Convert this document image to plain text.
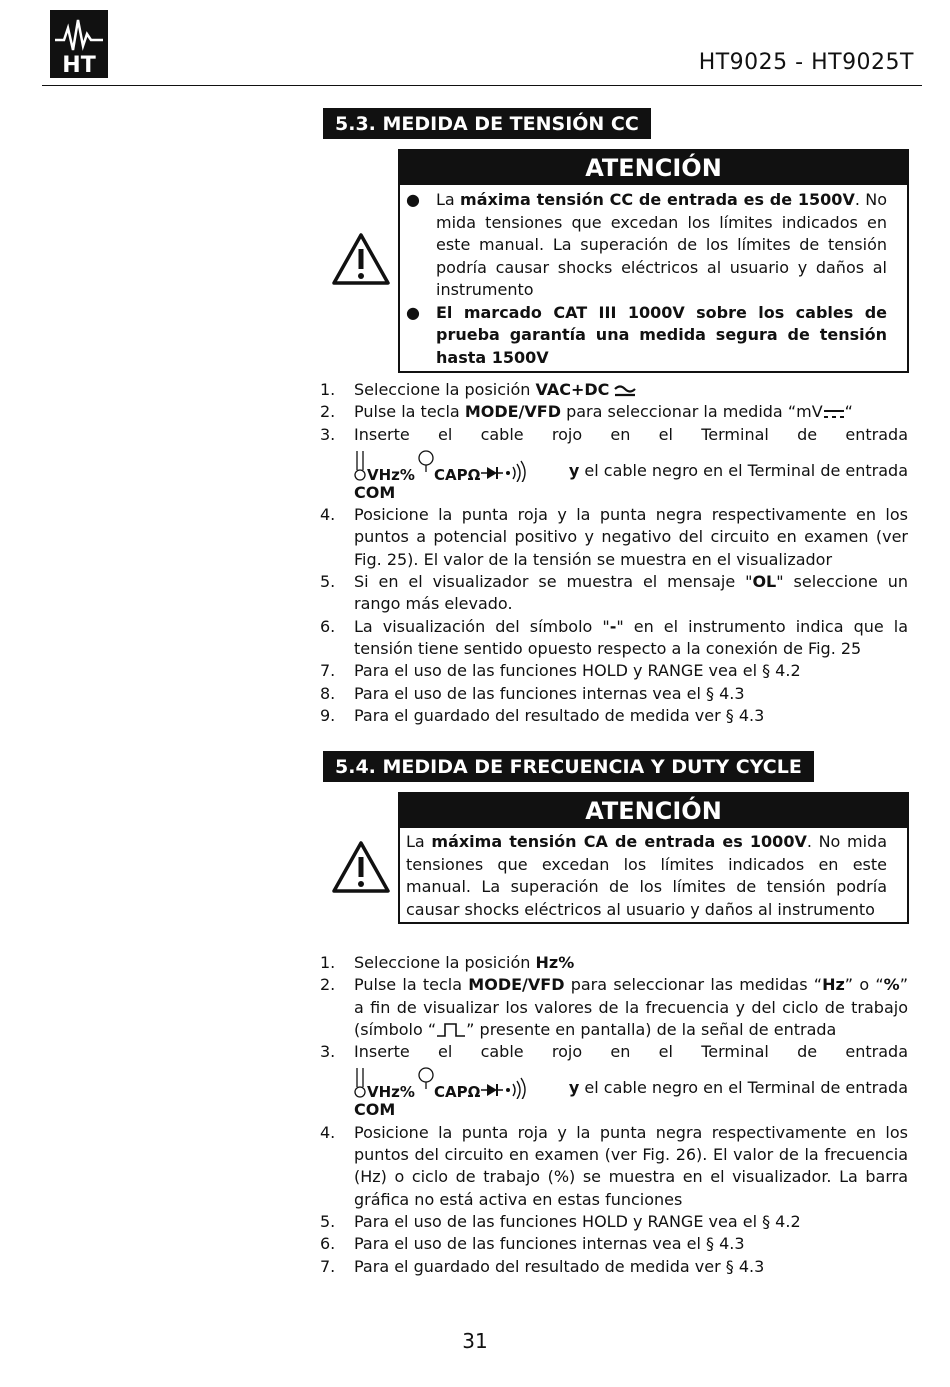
HT	HT9025 - HT9025T
5.3. MEDIDA DE TENSIÓN CC
ATENCIÓN
● La máxima tensión CC de entrada es de 1500V. No mida tensiones que excedan los límites indicados en este manual. La superación de los límites de tensión podría causar shocks eléctricos al usuario y daños al instrumento
● El marcado CAT III 1000V sobre los cables de prueba garantía una medida segura de tensión hasta 1500V
1. Seleccione la posición VAC+DC
2. Pulse la tecla MODE/VFD para seleccionar la medida “mV “
3. Inserte el cable rojo en el Terminal de entrada
VHz% CAPΩ	y el cable negro en el Terminal de entrada
COM
4. Posicione la punta roja y la punta negra respectivamente en los puntos a potencial positivo y negativo del circuito en examen (ver Fig. 25). El valor de la tensión se muestra en el visualizador
5. Si en el visualizador se muestra el mensaje "OL" seleccione un rango más elevado.
6. La visualización del símbolo "-" en el instrumento indica que la tensión tiene sentido opuesto respecto a la conexión de Fig. 25
7. Para el uso de las funciones HOLD y RANGE vea el § 4.2
8. Para el uso de las funciones internas vea el § 4.3
9. Para el guardado del resultado de medida ver § 4.3
5.4. MEDIDA DE FRECUENCIA Y DUTY CYCLE
ATENCIÓN
La máxima tensión CA de entrada es 1000V. No mida tensiones que excedan los límites indicados en este manual. La superación de los límites de tensión podría causar shocks eléctricos al usuario y daños al instrumento
1. Seleccione la posición Hz%
2. Pulse la tecla MODE/VFD para seleccionar las medidas “Hz” o “%” a fin de visualizar los valores de la frecuencia y del ciclo de trabajo (símbolo “ ” presente en pantalla) de la señal de entrada
3. Inserte el cable rojo en el Terminal de entrada
VHz% CAPΩ	y el cable negro en el Terminal de entrada
COM
4. Posicione la punta roja y la punta negra respectivamente en los puntos del circuito en examen (ver Fig. 26). El valor de la frecuencia (Hz) o ciclo de trabajo (%) se muestra en el visualizador. La barra gráfica no está activa en estas funciones
5. Para el uso de las funciones HOLD y RANGE vea el § 4.2
6. Para el uso de las funciones internas vea el § 4.3
7. Para el guardado del resultado de medida ver § 4.3
31
